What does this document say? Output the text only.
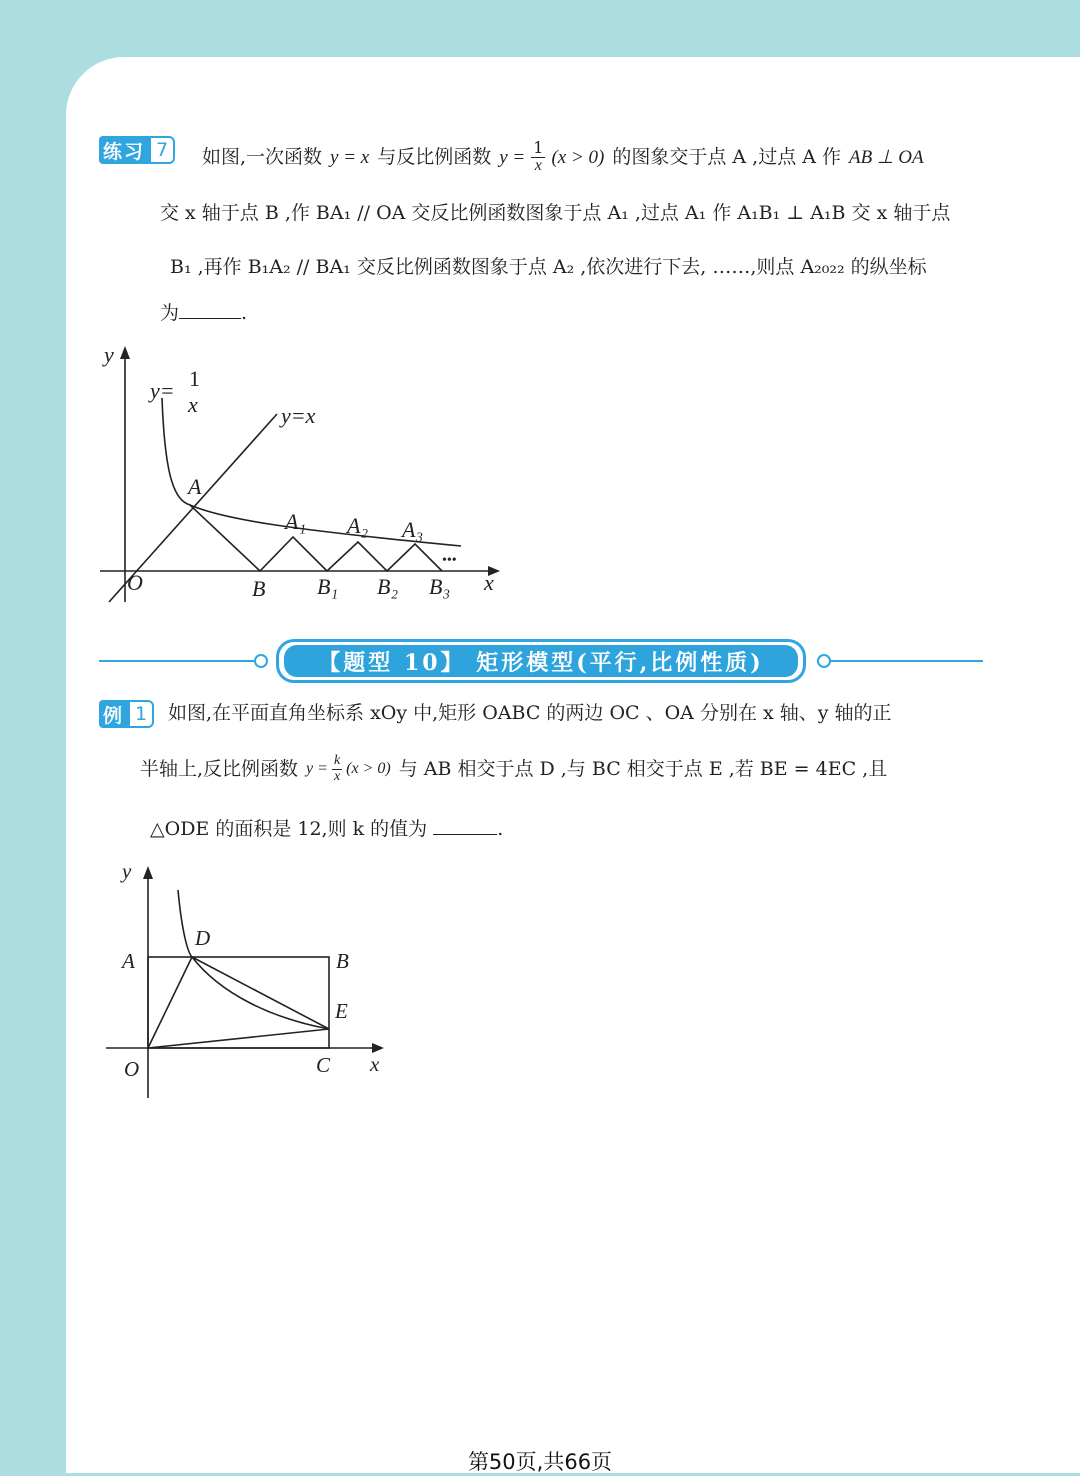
练习 7	如图,一次函数 y = x 与反比例函数 $y = \frac{1}{x} (x > 0)$ 的图象交于点 A ,过点 A 作 AB ⊥ OA
交 x 轴于点 B ,作 BA₁ // OA 交反比例函数图象于点 A₁ ,过点 A₁ 作 A₁B₁ ⊥ A₁B 交 x 轴于点
B₁ ,再作 B₁A₂ // BA₁ 交反比例函数图象于点 A₂ ,依次进行下去, ……,则点 A₂₀₂₂ 的纵坐标
为	.
y
x
O
y= 1
x	y=x
A
A₁ A₂ A₃
B B₁ B₂ B₃
•••
【题型 10】 矩形模型(平行,比例性质)
例 1	如图,在平面直角坐标系 xOy 中,矩形 OABC 的两边 OC 、OA 分别在 x 轴、y 轴的正
半轴上,反比例函数 $y = \frac{k}{x} (x > 0)$ 与 AB 相交于点 D ,与 BC 相交于点 E ,若 BE = 4EC ,且
△ODE 的面积是 12,则 k 的值为	.
y
x
O
A	B
C
D
E
第50页,共66页
